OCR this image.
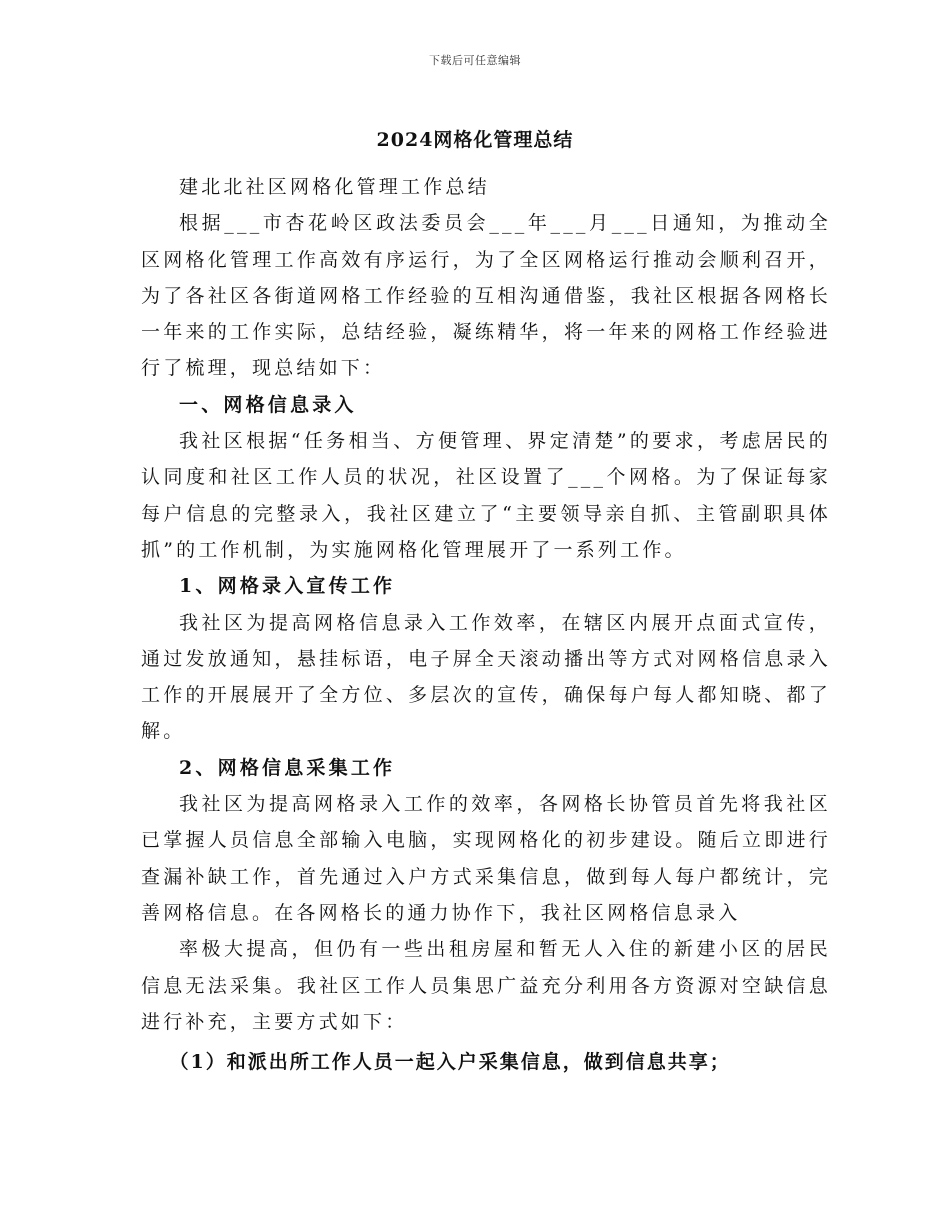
下载后可任意编辑
2024网格化管理总结

建北北社区网格化管理工作总结

根据___市杏花岭区政法委员会___年___月___日通知，为推动全区网格化管理工作高效有序运行，为了全区网格运行推动会顺利召开，为了各社区各街道网格工作经验的互相沟通借鉴，我社区根据各网格长一年来的工作实际，总结经验，凝练精华，将一年来的网格工作经验进行了梳理，现总结如下：

一、网格信息录入

我社区根据“任务相当、方便管理、界定清楚”的要求，考虑居民的认同度和社区工作人员的状况，社区设置了___个网格。为了保证每家每户信息的完整录入，我社区建立了“主要领导亲自抓、主管副职具体抓”的工作机制，为实施网格化管理展开了一系列工作。

1、网格录入宣传工作

我社区为提高网格信息录入工作效率，在辖区内展开点面式宣传，通过发放通知，悬挂标语，电子屏全天滚动播出等方式对网格信息录入工作的开展展开了全方位、多层次的宣传，确保每户每人都知晓、都了解。

2、网格信息采集工作

我社区为提高网格录入工作的效率，各网格长协管员首先将我社区已掌握人员信息全部输入电脑，实现网格化的初步建设。随后立即进行查漏补缺工作，首先通过入户方式采集信息，做到每人每户都统计，完善网格信息。在各网格长的通力协作下，我社区网格信息录入

率极大提高，但仍有一些出租房屋和暂无人入住的新建小区的居民信息无法采集。我社区工作人员集思广益充分利用各方资源对空缺信息进行补充，主要方式如下：

（1）和派出所工作人员一起入户采集信息，做到信息共享；
